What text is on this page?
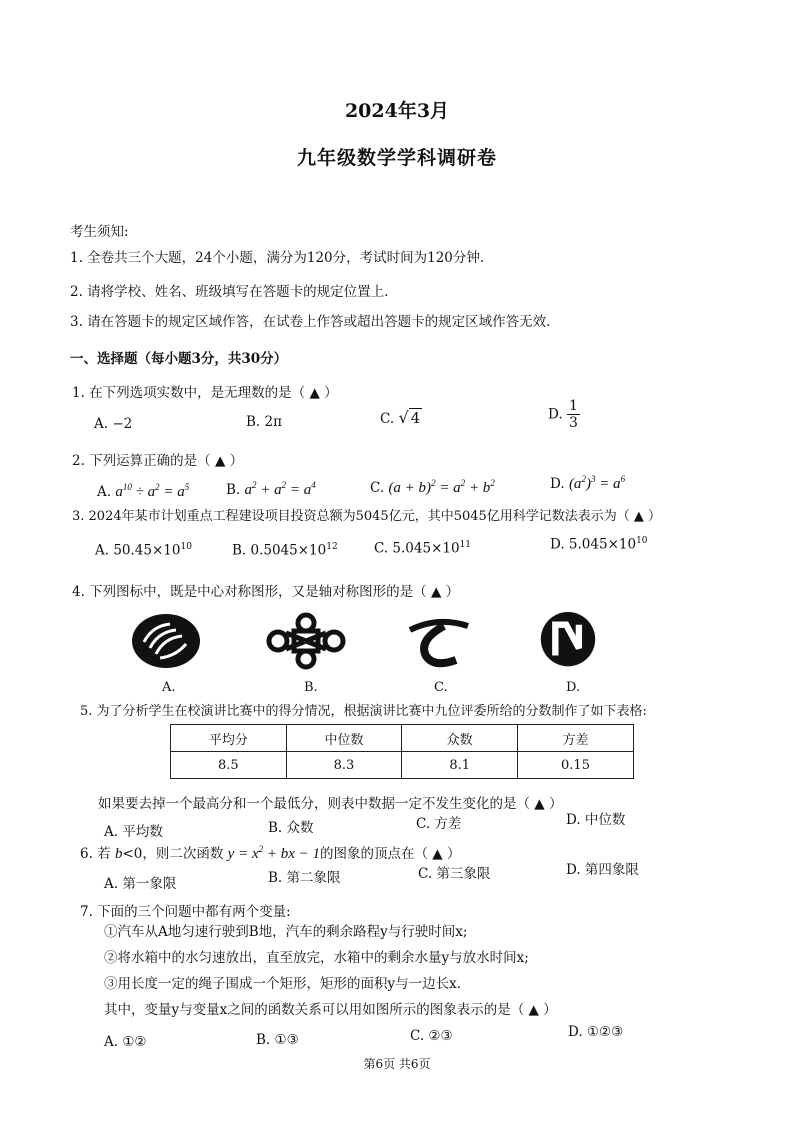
2024年3月
九年级数学学科调研卷
考生须知:
1. 全卷共三个大题，24个小题，满分为120分，考试时间为120分钟.
2. 请将学校、姓名、班级填写在答题卡的规定位置上.
3. 请在答题卡的规定区域作答，在试卷上作答或超出答题卡的规定区域作答无效.
一、选择题（每小题3分，共30分）
1. 在下列选项实数中，是无理数的是（ ▲ ）
A. −2	B. 2π	C. √ 4	D. $\frac{1}{3}$
2. 下列运算正确的是（ ▲ ）
A. $a^{10} \div a^2 = a^5$	B. $a^2 + a^2 = a^4$	C. $(a + b)^2 = a^2 + b^2$	D. $(a^2)^3 = a^6$
3. 2024年某市计划重点工程建设项目投资总额为5045亿元，其中5045亿用科学记数法表示为（ ▲ ）
A. $50.45\times 10^{10}$	B. $0.5045\times 10^{12}$	C. $5.045\times 10^{11}$	D. $5.045\times 10^{10}$
4. 下列图标中，既是中心对称图形，又是轴对称图形的是（ ▲ ）
A.	B.	C.	D.
5. 为了分析学生在校演讲比赛中的得分情况，根据演讲比赛中九位评委所给的分数制作了如下表格:
平均分	中位数	众数	方差
8.5	8.3	8.1	0.15
如果要去掉一个最高分和一个最低分，则表中数据一定不发生变化的是（ ▲ ）
A. 平均数	B. 众数	C. 方差	D. 中位数
6. 若 b<0，则二次函数 $y = x^2$ + bx − 1的图象的顶点在（ ▲ ）
A. 第一象限	B. 第二象限	C. 第三象限	D. 第四象限
7. 下面的三个问题中都有两个变量:
①汽车从A地匀速行驶到B地，汽车的剩余路程y与行驶时间x;
②将水箱中的水匀速放出，直至放完，水箱中的剩余水量y与放水时间x;
③用长度一定的绳子围成一个矩形，矩形的面积y与一边长x.
其中，变量y与变量x之间的函数关系可以用如图所示的图象表示的是（ ▲ ）
A. ①②	B. ①③	C. ②③	D. ①②③
第6页 共6页
